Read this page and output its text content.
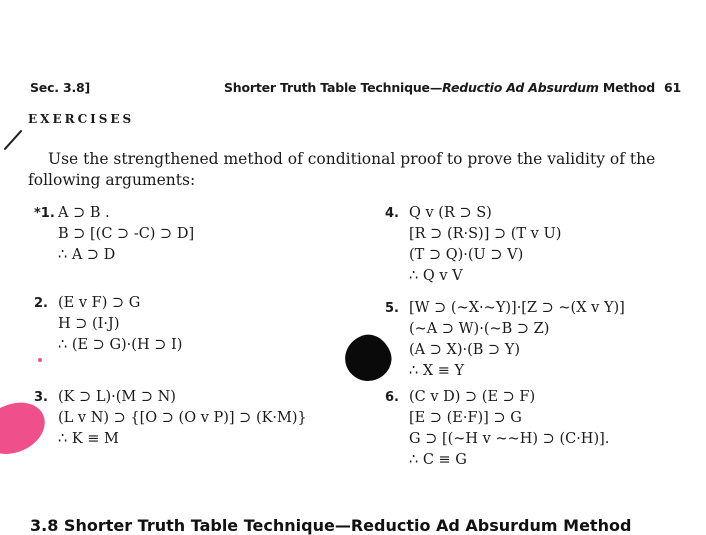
Sec. 3.8]	Shorter Truth Table Technique—Reductio Ad Absurdum Method 61
EXERCISES
Use the strengthened method of conditional proof to prove the validity of the
following arguments:
*1. A ⊃ B .
B ⊃ [(C ⊃ -C) ⊃ D]
∴ A ⊃ D
2. (E v F) ⊃ G
H ⊃ (I·J)
∴ (E ⊃ G)·(H ⊃ I)
3. (K ⊃ L)·(M ⊃ N)
(L v N) ⊃ {[O ⊃ (O v P)] ⊃ (K·M)}
∴ K ≡ M
4. Q v (R ⊃ S)
[R ⊃ (R·S)] ⊃ (T v U)
(T ⊃ Q)·(U ⊃ V)
∴ Q v V
5. [W ⊃ (~X·~Y)]·[Z ⊃ ~(X v Y)]
(~A ⊃ W)·(~B ⊃ Z)
(A ⊃ X)·(B ⊃ Y)
∴ X ≡ Y
6. (C v D) ⊃ (E ⊃ F)
[E ⊃ (E·F)] ⊃ G
G ⊃ [(~H v ~~H) ⊃ (C·H)].
∴ C ≡ G
3.8 Shorter Truth Table Technique—Reductio Ad Absurdum Method
